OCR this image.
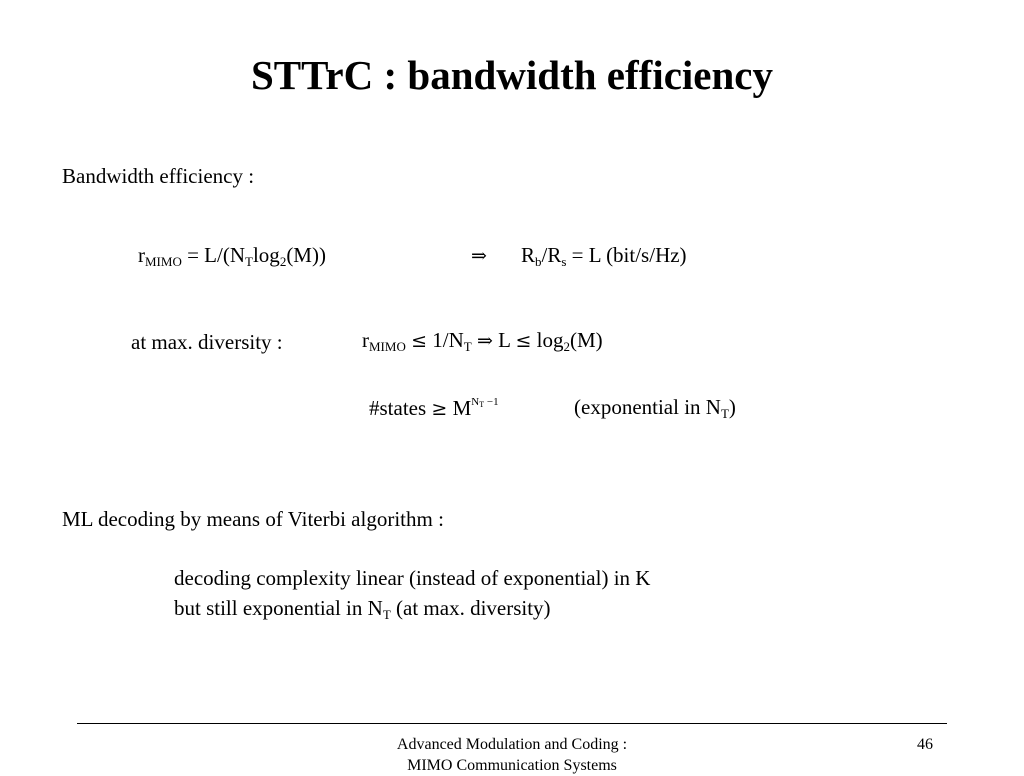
STTrC : bandwidth efficiency
Bandwidth efficiency :
$r_{MIMO} = L/(N_T\log_2(M))$	⇒ $R_b/R_s = L$ (bit/s/Hz)
at max. diversity :	$r_{MIMO} \le 1/N_T$ ⇒ $L \le \log_2(M)$
#states ≥ $M^{NT -1}$	(exponential in $N_T$)
ML decoding by means of Viterbi algorithm :
decoding complexity linear (instead of exponential) in K
but still exponential in $N_T$ (at max. diversity)
Advanced Modulation and Coding :
MIMO Communication Systems
46
